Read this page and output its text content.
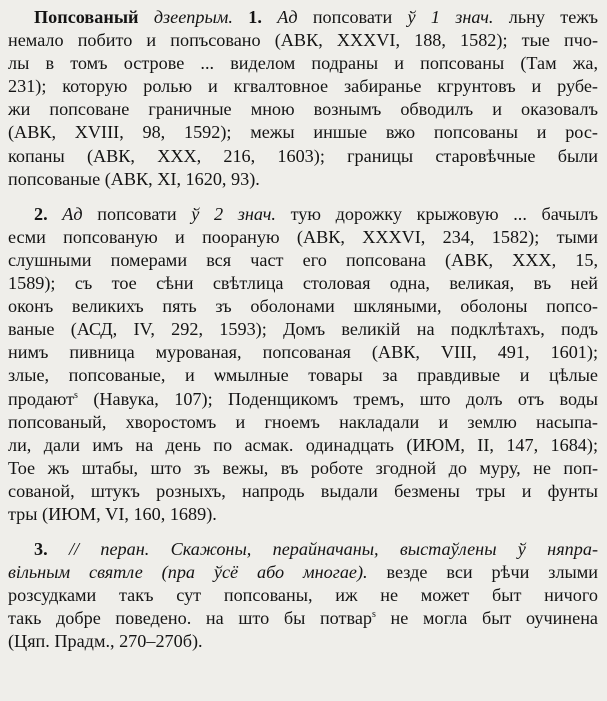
Попсованый дзеепрым. 1. Ад попсовати ў 1 знач. льну тежъ
немало побито и попъсовано (АВК, XXXVI, 188, 1582); тые пчо-
лы в томъ острове ... виделом подраны и попсованы (Там жа,
231); которую ролью и кгвалтовное забиранье кгрунтовъ и рубе-
жи попсоване граничные мною вознымъ обводилъ и оказовалъ
(АВК, XVIII, 98, 1592); межы иншые вжо попсованы и рос-
копаны (АВК, XXX, 216, 1603); границы старовѣчные были
попсованые (АВК, XI, 1620, 93).
2. Ад попсовати ў 2 знач. тую дорожку крыжовую ... бачылъ
есми попсованую и поораную (АВК, XXXVI, 234, 1582); тыми
слушными померами вся част его попсована (АВК, XXX, 15,
1589); съ тое сѣни свѣтлица столовая одна, великая, въ ней
оконъ великихъ пять зъ оболонами шкляными, оболоны попсо-
ваные (АСД, IV, 292, 1593); Домъ великій на подклѣтахъ, подъ
нимъ пивница мурованая, попсованая (АВК, VIII, 491, 1601);
злые, попсованые, и ѡмылные товары за правдивые и цѣлые
продают$^s$ (Навука, 107); Поденщикомъ тремъ, што долъ отъ воды
попсованый, хворостомъ и гноемъ накладали и землю насыпа-
ли, дали имъ на день по асмак. одинадцать (ИЮМ, II, 147, 1684);
Тое жъ штабы, што зъ вежы, въ роботе згодной до муру, не поп-
сованой, штукъ розныхъ, напродь выдали безмены тры и фунты
тры (ИЮМ, VI, 160, 1689).
3. // перан. Скажоны, перайначаны, выстаўлены ў няпра-
вільным святле (пра ўсё або многае). везде вси рѣчи злыми
розсудками такъ сут попсованы, иж не может быт ничого
такь добре поведено. на што бы потвар$^s$ не могла быт оучинена
(Цяп. Прадм., 270–270б).
